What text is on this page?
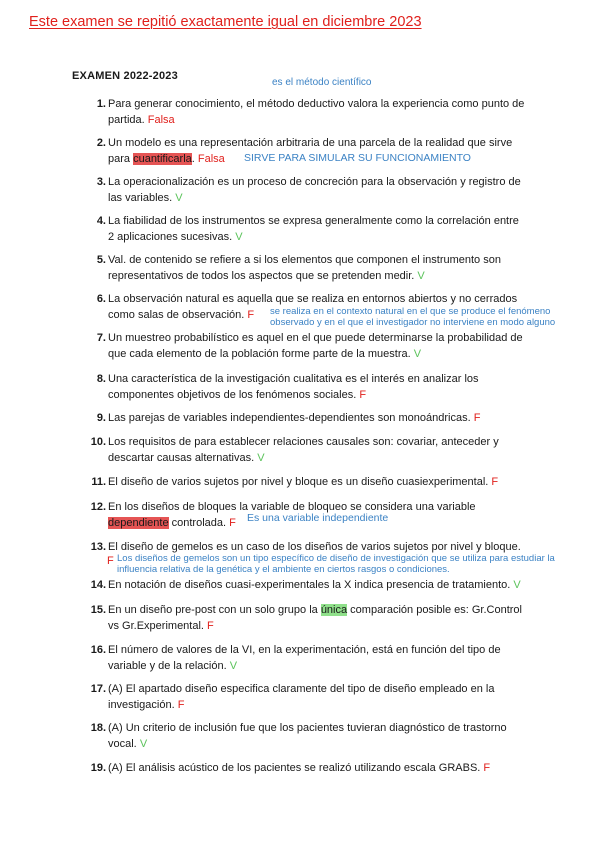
Este examen se repitió exactamente igual en diciembre 2023
EXAMEN 2022-2023
es el método científico
1. Para generar conocimiento, el método deductivo valora la experiencia como punto de partida. Falsa
2. Un modelo es una representación arbitraria de una parcela de la realidad que sirve para cuantificarla. Falsa	SIRVE PARA SIMULAR SU FUNCIONAMIENTO
3. La operacionalización es un proceso de concreción para la observación y registro de las variables. V
4. La fiabilidad de los instrumentos se expresa generalmente como la correlación entre 2 aplicaciones sucesivas. V
5. Val. de contenido se refiere a si los elementos que componen el instrumento son representativos de todos los aspectos que se pretenden medir. V
6. La observación natural es aquella que se realiza en entornos abiertos y no cerrados como salas de observación. F	se realiza en el contexto natural en el que se produce el fenómeno observado y en el que el investigador no interviene en modo alguno
7. Un muestreo probabilístico es aquel en el que puede determinarse la probabilidad de que cada elemento de la población forme parte de la muestra. V
8. Una característica de la investigación cualitativa es el interés en analizar los componentes objetivos de los fenómenos sociales. F
9. Las parejas de variables independientes-dependientes son monoándricas. F
10. Los requisitos de para establecer relaciones causales son: covariar, anteceder y descartar causas alternativas. V
11. El diseño de varios sujetos por nivel y bloque es un diseño cuasiexperimental. F
12. En los diseños de bloques la variable de bloqueo se considera una variable dependiente controlada. F	Es una variable independiente
13. El diseño de gemelos es un caso de los diseños de varios sujetos por nivel y bloque.
F Los diseños de gemelos son un tipo específico de diseño de investigación que se utiliza para estudiar la influencia relativa de la genética y el ambiente en ciertos rasgos o condiciones.
14. En notación de diseños cuasi-experimentales la X indica presencia de tratamiento. V
15. En un diseño pre-post con un solo grupo la única comparación posible es: Gr.Control vs Gr.Experimental. F
16. El número de valores de la VI, en la experimentación, está en función del tipo de variable y de la relación. V
17. (A) El apartado diseño especifica claramente del tipo de diseño empleado en la investigación. F
18. (A) Un criterio de inclusión fue que los pacientes tuvieran diagnóstico de trastorno vocal. V
19. (A) El análisis acústico de los pacientes se realizó utilizando escala GRABS. F
